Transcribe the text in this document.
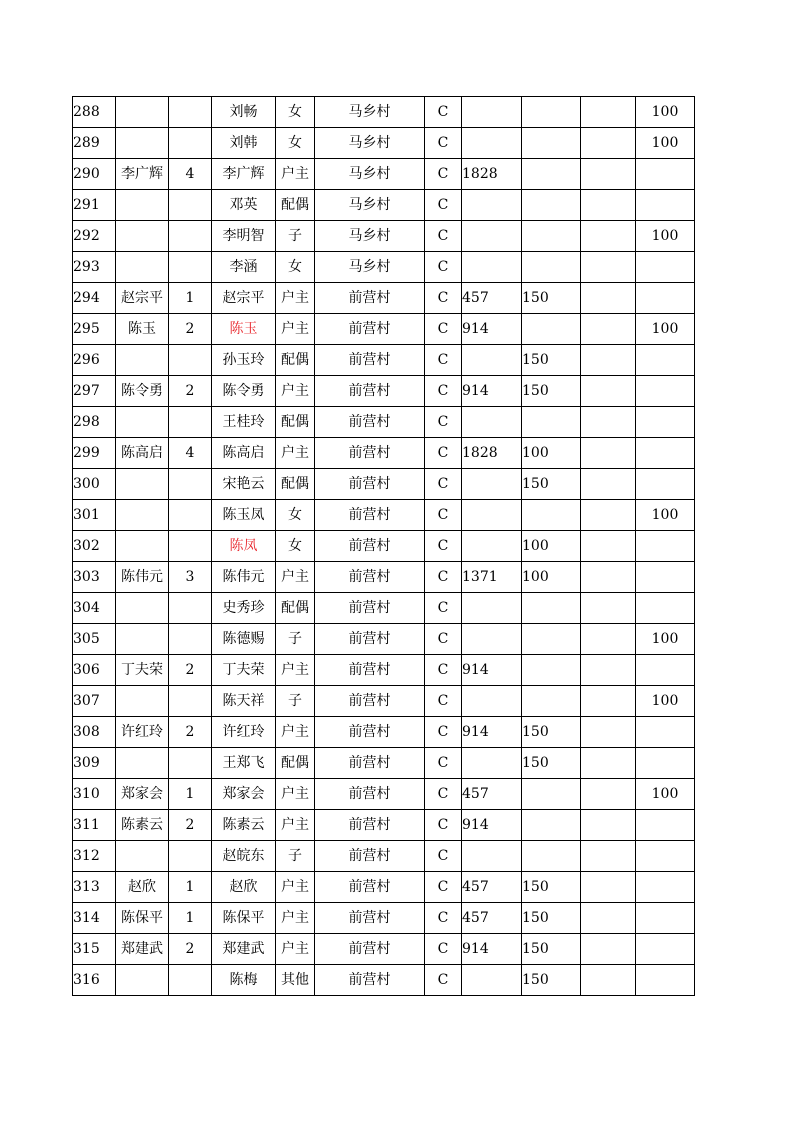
288			刘畅	女	马乡村	C				100
289			刘韩	女	马乡村	C				100
290	李广辉	4	李广辉	户主	马乡村	C	1828			
291			邓英	配偶	马乡村	C				
292			李明智	子	马乡村	C				100
293			李涵	女	马乡村	C				
294	赵宗平	1	赵宗平	户主	前营村	C	457	150		
295	陈玉	2	陈玉	户主	前营村	C	914			100
296			孙玉玲	配偶	前营村	C		150		
297	陈令勇	2	陈令勇	户主	前营村	C	914	150		
298			王桂玲	配偶	前营村	C				
299	陈高启	4	陈高启	户主	前营村	C	1828	100		
300			宋艳云	配偶	前营村	C		150		
301			陈玉凤	女	前营村	C				100
302			陈凤	女	前营村	C		100		
303	陈伟元	3	陈伟元	户主	前营村	C	1371	100		
304			史秀珍	配偶	前营村	C				
305			陈德赐	子	前营村	C				100
306	丁夫荣	2	丁夫荣	户主	前营村	C	914			
307			陈天祥	子	前营村	C				100
308	许红玲	2	许红玲	户主	前营村	C	914	150		
309			王郑飞	配偶	前营村	C		150		
310	郑家会	1	郑家会	户主	前营村	C	457			100
311	陈素云	2	陈素云	户主	前营村	C	914			
312			赵皖东	子	前营村	C				
313	赵欣	1	赵欣	户主	前营村	C	457	150		
314	陈保平	1	陈保平	户主	前营村	C	457	150		
315	郑建武	2	郑建武	户主	前营村	C	914	150		
316			陈梅	其他	前营村	C		150		
